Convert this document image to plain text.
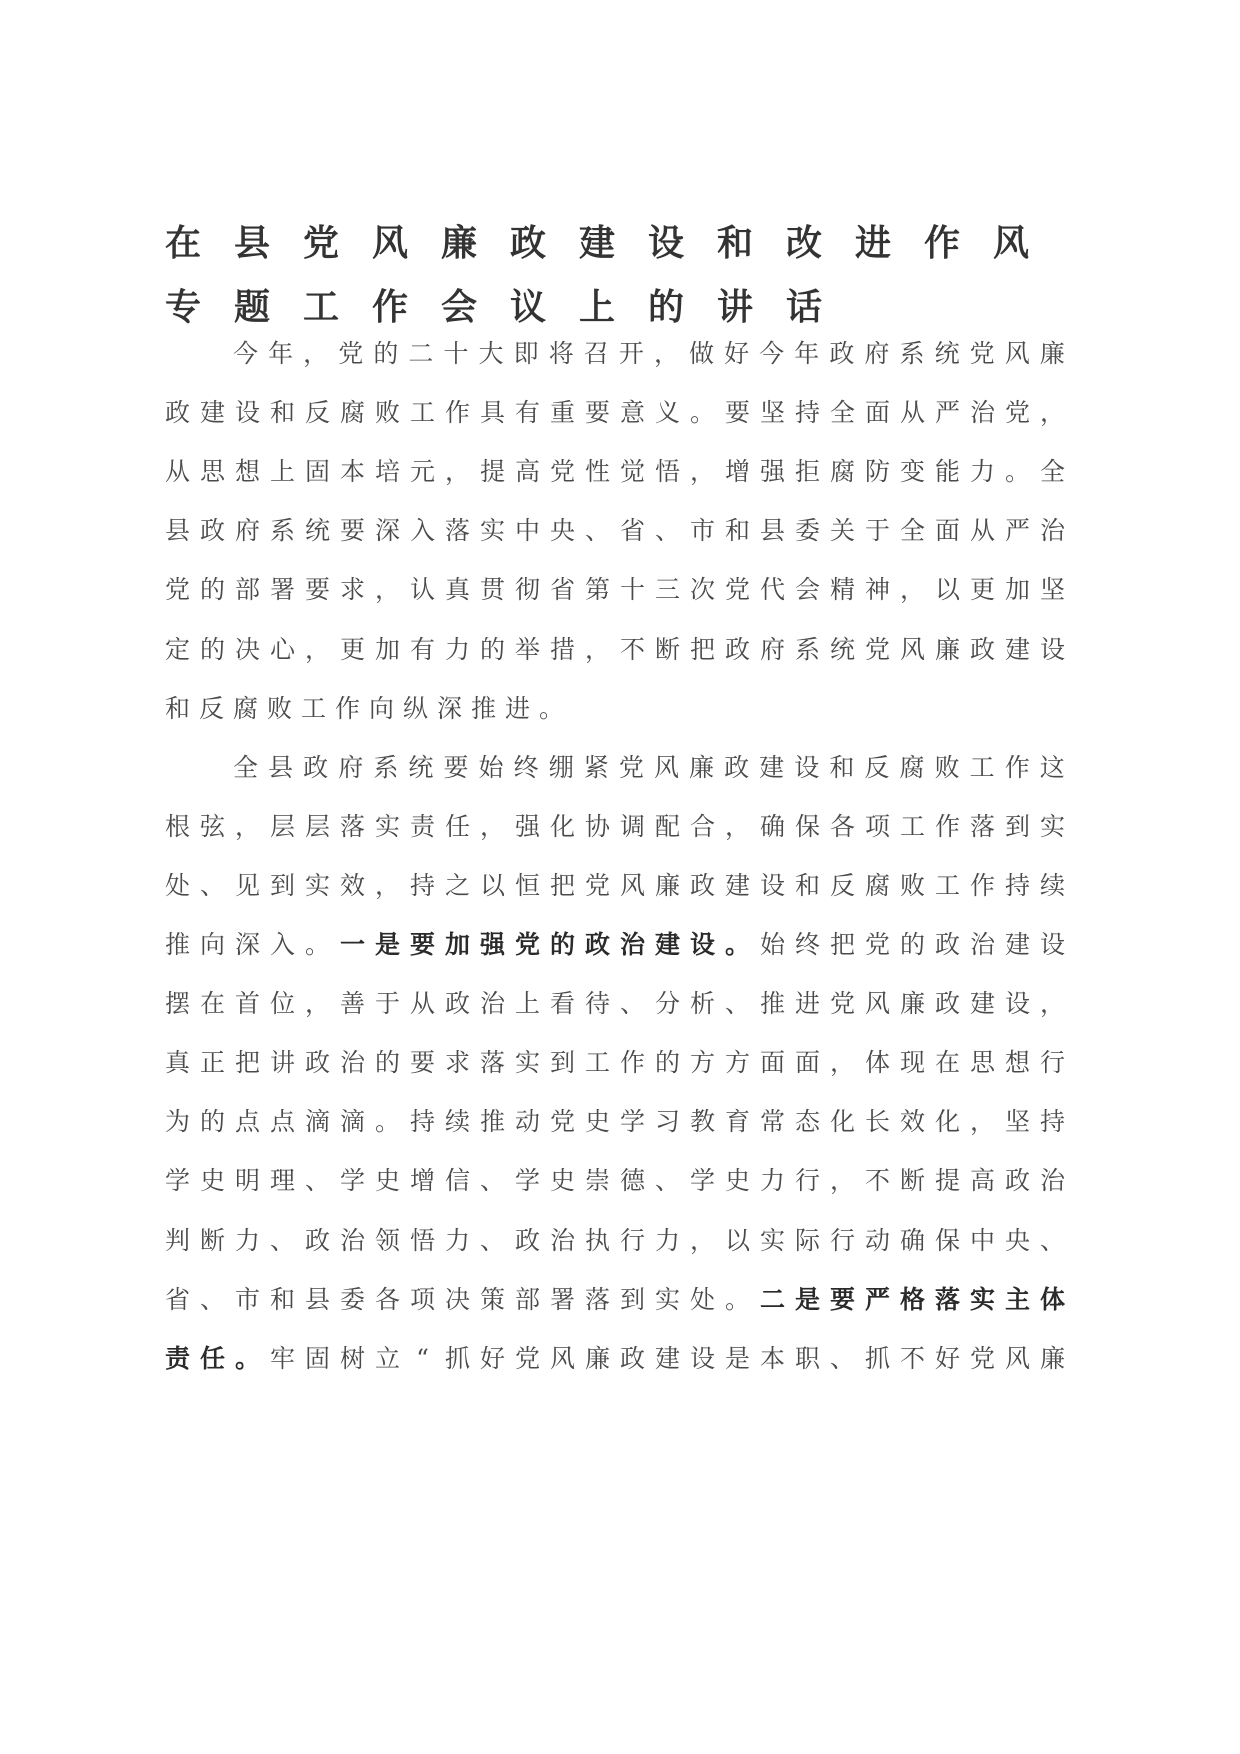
在县党风廉政建设和改进作风
专题工作会议上的讲话
今 年 ， 党 的 二 十 大 即 将 召 开 ， 做 好 今 年 政 府 系 统 党 风 廉
政 建 设 和 反 腐 败 工 作 具 有 重 要 意 义 。 要 坚 持 全 面 从 严 治 党 ，
从 思 想 上 固 本 培 元 ， 提 高 党 性 觉 悟 ， 增 强 拒 腐 防 变 能 力 。 全
县 政 府 系 统 要 深 入 落 实 中 央 、 省 、 市 和 县 委 关 于 全 面 从 严 治
党 的 部 署 要 求 ， 认 真 贯 彻 省 第 十 三 次 党 代 会 精 神 ， 以 更 加 坚
定 的 决 心 ， 更 加 有 力 的 举 措 ， 不 断 把 政 府 系 统 党 风 廉 政 建 设
和 反 腐 败 工 作 向 纵 深 推 进 。
全 县 政 府 系 统 要 始 终 绷 紧 党 风 廉 政 建 设 和 反 腐 败 工 作 这
根 弦 ， 层 层 落 实 责 任 ， 强 化 协 调 配 合 ， 确 保 各 项 工 作 落 到 实
处 、 见 到 实 效 ， 持 之 以 恒 把 党 风 廉 政 建 设 和 反 腐 败 工 作 持 续
推 向 深 入 。 一 是 要 加 强 党 的 政 治 建 设 。 始 终 把 党 的 政 治 建 设
摆 在 首 位 ， 善 于 从 政 治 上 看 待 、 分 析 、 推 进 党 风 廉 政 建 设 ，
真 正 把 讲 政 治 的 要 求 落 实 到 工 作 的 方 方 面 面 ， 体 现 在 思 想 行
为 的 点 点 滴 滴 。 持 续 推 动 党 史 学 习 教 育 常 态 化 长 效 化 ， 坚 持
学 史 明 理 、 学 史 增 信 、 学 史 崇 德 、 学 史 力 行 ， 不 断 提 高 政 治
判 断 力 、 政 治 领 悟 力 、 政 治 执 行 力 ， 以 实 际 行 动 确 保 中 央 、
省 、 市 和 县 委 各 项 决 策 部 署 落 到 实 处 。 二 是 要 严 格 落 实 主 体
责 任 。 牢 固 树 立 “ 抓 好 党 风 廉 政 建 设 是 本 职 、 抓 不 好 党 风 廉
